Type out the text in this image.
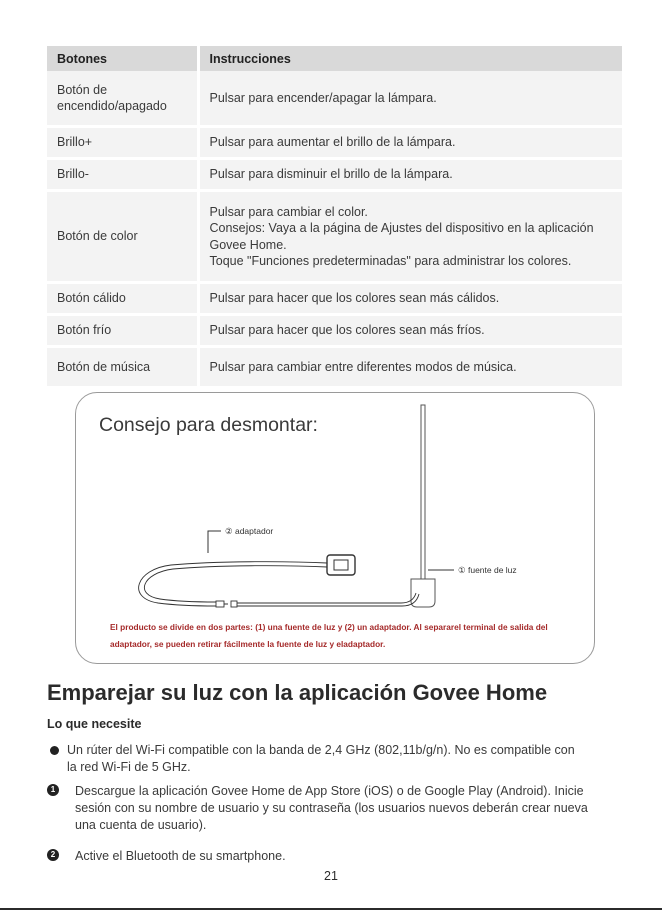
Botones	Instrucciones
Botón de encendido/apagado	Pulsar para encender/apagar la lámpara.
Brillo+	Pulsar para aumentar el brillo de la lámpara.
Brillo-	Pulsar para disminuir el brillo de la lámpara.
Botón de color	Pulsar para cambiar el color.
Consejos: Vaya a la página de Ajustes del dispositivo en la aplicación Govee Home.
Toque "Funciones predeterminadas" para administrar los colores.

Botón cálido	Pulsar para hacer que los colores sean más cálidos.
Botón frío	Pulsar para hacer que los colores sean más fríos.
Botón de música	Pulsar para cambiar entre diferentes modos de música.
Consejo para desmontar:
① fuente de luz
② adaptador
El producto se divide en dos partes: (1) una fuente de luz y (2) un adaptador. Al separarel terminal de salida del adaptador, se pueden retirar fácilmente la fuente de luz y eladaptador.
Emparejar su luz con la aplicación Govee Home
Lo que necesite
Un rúter del Wi-Fi compatible con la banda de 2,4 GHz (802,11b/g/n). No es compatible con la red Wi-Fi de 5 GHz.
1	Descargue la aplicación Govee Home de App Store (iOS) o de Google Play (Android). Inicie sesión con su nombre de usuario y su contraseña (los usuarios nuevos deberán crear nueva una cuenta de usuario).
2	Active el Bluetooth de su smartphone.
21
